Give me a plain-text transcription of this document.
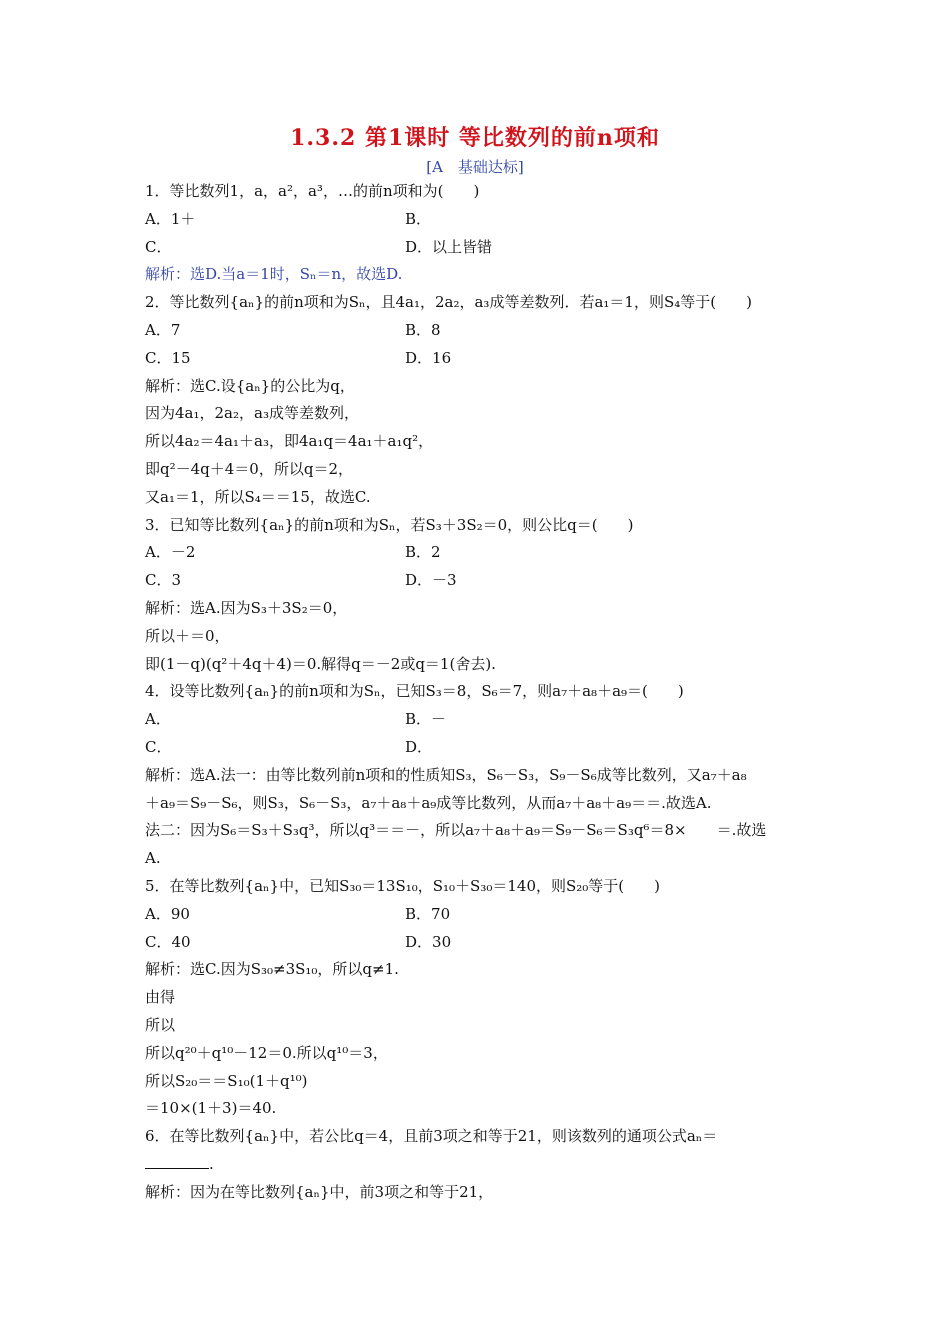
1.3.2 第1课时 等比数列的前n项和
[A　基础达标]
1．等比数列1，a，a²，a³，…的前n项和为(　　)
A．1＋	B．
C．	D．以上皆错
解析：选D.当a＝1时，Sₙ＝n，故选D.
2．等比数列{aₙ}的前n项和为Sₙ，且4a₁，2a₂，a₃成等差数列．若a₁＝1，则S₄等于(　　)
A．7	B．8
C．15	D．16
解析：选C.设{aₙ}的公比为q，
因为4a₁，2a₂，a₃成等差数列，
所以4a₂＝4a₁＋a₃，即4a₁q＝4a₁＋a₁q²，
即q²－4q＋4＝0，所以q＝2，
又a₁＝1，所以S₄＝＝15，故选C.
3．已知等比数列{aₙ}的前n项和为Sₙ，若S₃＋3S₂＝0，则公比q＝(　　)
A．－2	B．2
C．3	D．－3
解析：选A.因为S₃＋3S₂＝0，
所以＋＝0，
即(1－q)(q²＋4q＋4)＝0.解得q＝－2或q＝1(舍去).
4．设等比数列{aₙ}的前n项和为Sₙ，已知S₃＝8，S₆＝7，则a₇＋a₈＋a₉＝(　　)
A．	B．－
C．	D．
解析：选A.法一：由等比数列前n项和的性质知S₃，S₆－S₃，S₉－S₆成等比数列，又a₇＋a₈
＋a₉＝S₉－S₆，则S₃，S₆－S₃，a₇＋a₈＋a₉成等比数列，从而a₇＋a₈＋a₉＝＝.故选A.
法二：因为S₆＝S₃＋S₃q³，所以q³＝＝－，所以a₇＋a₈＋a₉＝S₉－S₆＝S₃q⁶＝8×　　＝.故选
A.
5．在等比数列{aₙ}中，已知S₃₀＝13S₁₀，S₁₀＋S₃₀＝140，则S₂₀等于(　　)
A．90	B．70
C．40	D．30
解析：选C.因为S₃₀≠3S₁₀，所以q≠1.
由得
所以
所以q²⁰＋q¹⁰－12＝0.所以q¹⁰＝3，
所以S₂₀＝＝S₁₀(1＋q¹⁰)
＝10×(1＋3)＝40.
6．在等比数列{aₙ}中，若公比q＝4，且前3项之和等于21，则该数列的通项公式aₙ＝
.
解析：因为在等比数列{aₙ}中，前3项之和等于21，
